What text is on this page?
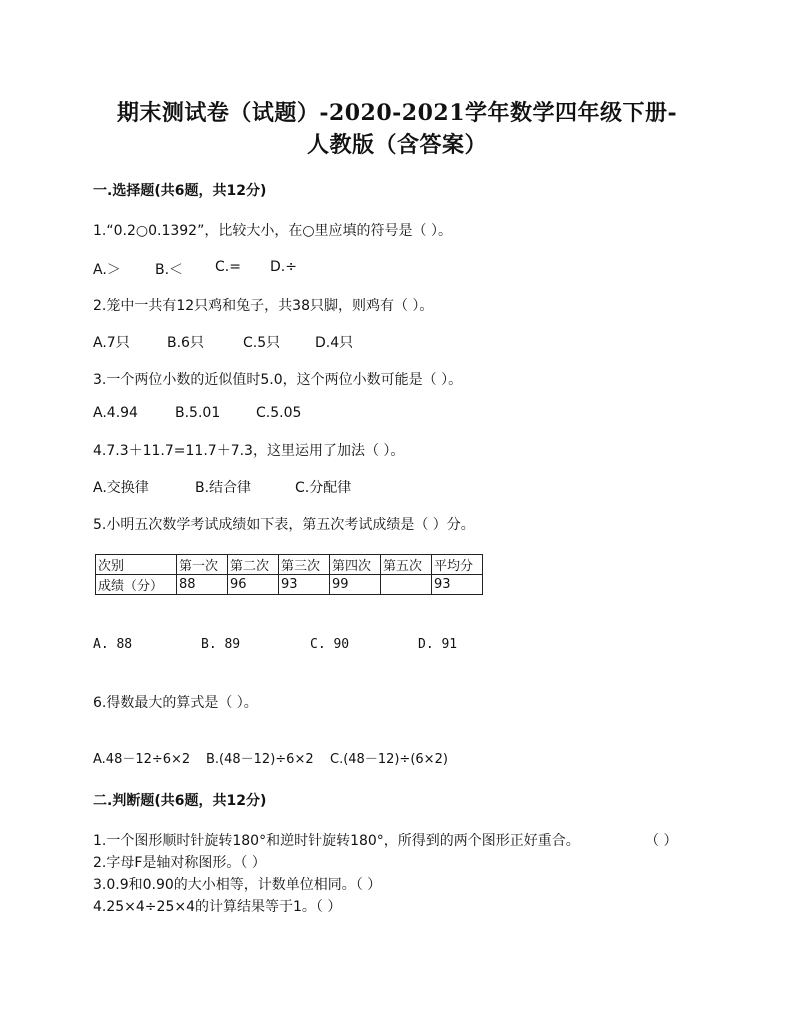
期末测试卷（试题）-2020-2021学年数学四年级下册-
人教版（含答案）
一.选择题(共6题，共12分)
1.“0.2○0.1392”，比较大小，在○里应填的符号是（ ）。
A.＞ B.＜ C.= D.÷
2.笼中一共有12只鸡和兔子，共38只脚，则鸡有（ ）。
A.7只	B.6只	C.5只 D.4只
3.一个两位小数的近似值时5.0，这个两位小数可能是（ ）。
A.4.94	B.5.01	C.5.05
4.7.3＋11.7=11.7＋7.3，这里运用了加法（ ）。
A.交换律	B.结合律	C.分配律
5.小明五次数学考试成绩如下表，第五次考试成绩是（ ）分。
次别	第一次	第二次	第三次	第四次	第五次	平均分
成绩（分）	88	96	93	99		93
A. 88	B. 89	C. 90	D. 91
6.得数最大的算式是（ ）。
A.48－12÷6×2 B.(48－12)÷6×2 C.(48－12)÷(6×2)
二.判断题(共6题，共12分)
1.一个图形顺时针旋转180°和逆时针旋转180°，所得到的两个图形正好重合。	（ ）
2.字母F是轴对称图形。（ ）
3.0.9和0.90的大小相等，计数单位相同。（ ）
4.25×4÷25×4的计算结果等于1。（ ）
